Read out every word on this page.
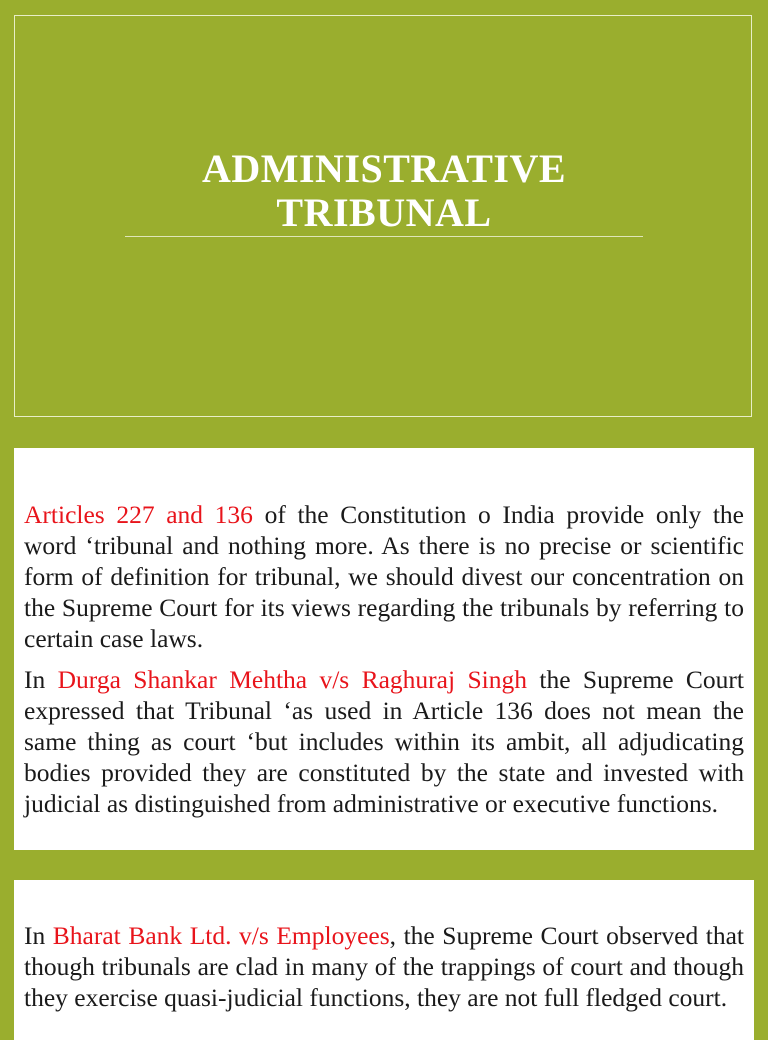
ADMINISTRATIVE
TRIBUNAL

Articles 227 and 136 of the Constitution o India provide only the word ‘tribunal and nothing more. As there is no precise or scientific form of definition for tribunal, we should divest our concentration on the Supreme Court for its views regarding the tribunals by referring to certain case laws.

In Durga Shankar Mehtha v/s Raghuraj Singh the Supreme Court expressed that Tribunal ‘as used in Article 136 does not mean the same thing as court ‘but includes within its ambit, all adjudicating bodies provided they are constituted by the state and invested with judicial as distinguished from administrative or executive functions.

In Bharat Bank Ltd. v/s Employees, the Supreme Court observed that though tribunals are clad in many of the trappings of court and though they exercise quasi-judicial functions, they are not full fledged court.
